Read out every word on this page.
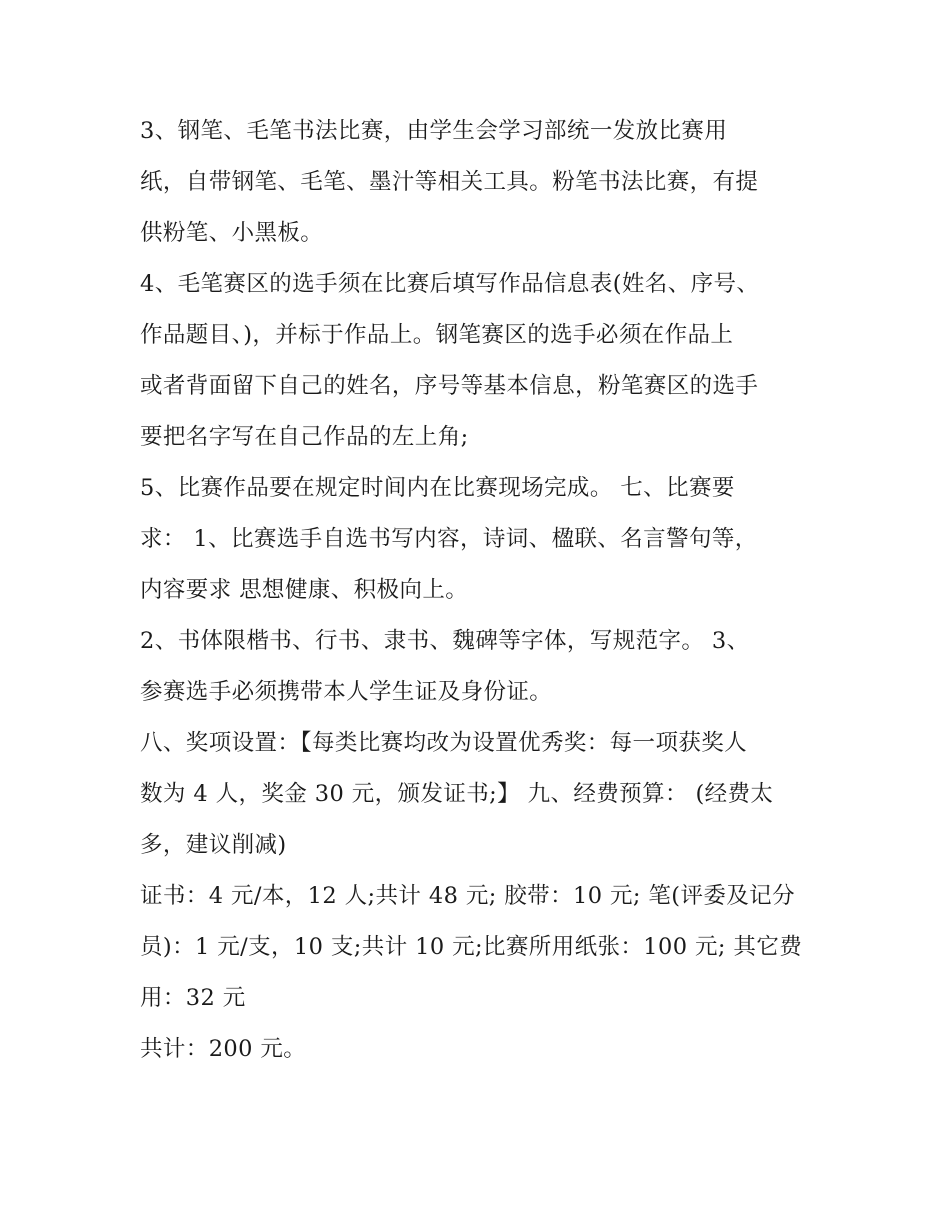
3、钢笔、毛笔书法比赛，由学生会学习部统一发放比赛用
纸，自带钢笔、毛笔、墨汁等相关工具。粉笔书法比赛，有提
供粉笔、小黑板。
4、毛笔赛区的选手须在比赛后填写作品信息表(姓名、序号、
作品题目、)，并标于作品上。钢笔赛区的选手必须在作品上
或者背面留下自己的姓名，序号等基本信息，粉笔赛区的选手
要把名字写在自己作品的左上角;
5、比赛作品要在规定时间内在比赛现场完成。 七、比赛要
求： 1、比赛选手自选书写内容，诗词、楹联、名言警句等，
内容要求 思想健康、积极向上。
2、书体限楷书、行书、隶书、魏碑等字体，写规范字。 3、
参赛选手必须携带本人学生证及身份证。
八、奖项设置：【每类比赛均改为设置优秀奖：每一项获奖人
数为 4 人，奖金 30 元，颁发证书;】 九、经费预算： (经费太
多，建议削减)
证书：4 元/本，12 人;共计 48 元; 胶带：10 元; 笔(评委及记分
员)：1 元/支，10 支;共计 10 元;比赛所用纸张：100 元; 其它费
用：32 元
共计：200 元。
